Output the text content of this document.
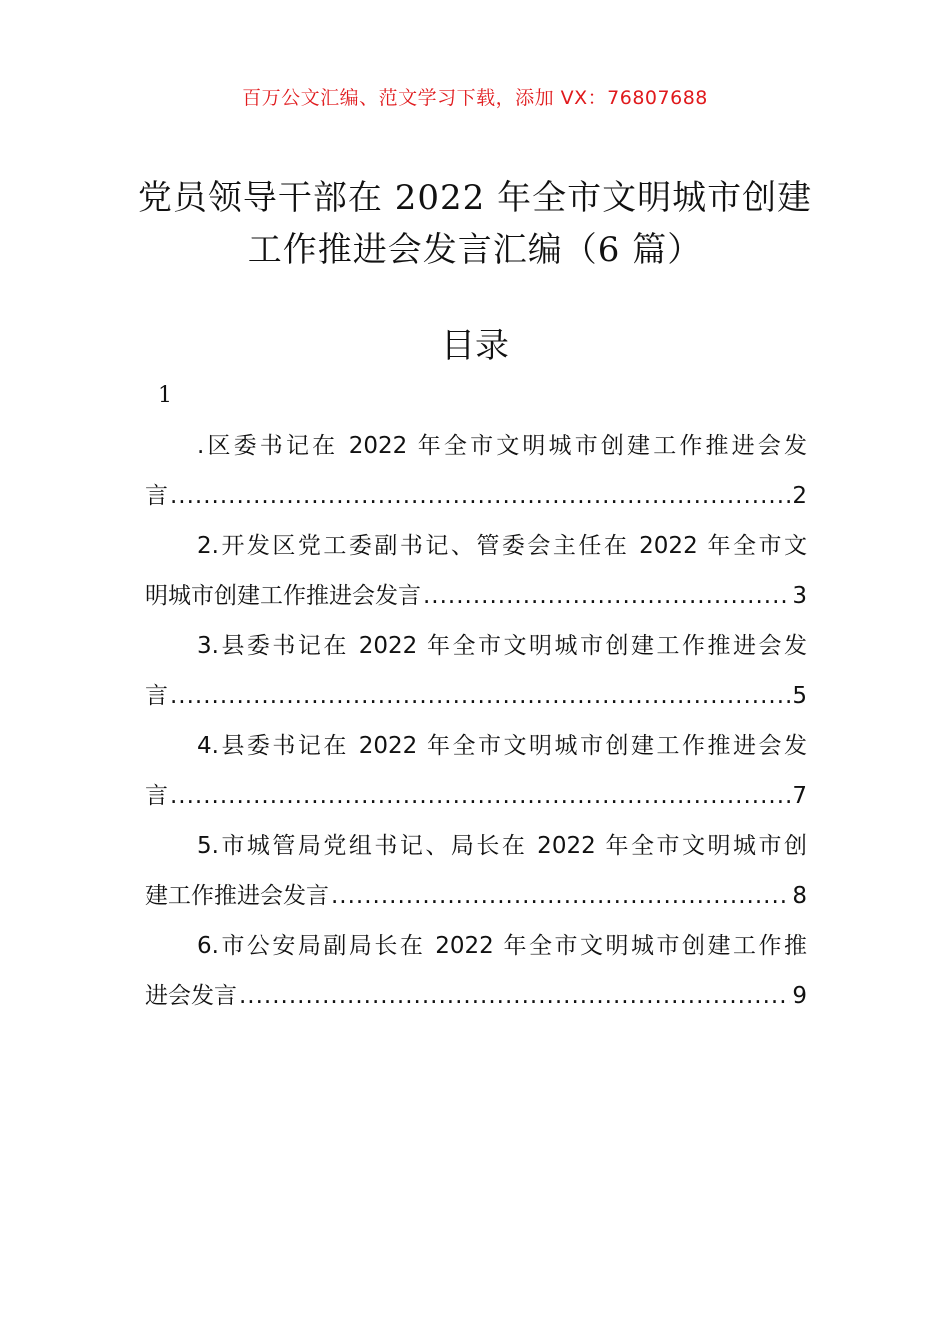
百万公文汇编、范文学习下载，添加 VX：76807688
党员领导干部在 2022 年全市文明城市创建
工作推进会发言汇编（6 篇）
目录
1
.区委书记在 2022 年全市文明城市创建工作推进会发
言 .....	2
2.开发区党工委副书记、管委会主任在 2022 年全市文
明城市创建工作推进会发言 .....	3
3.县委书记在 2022 年全市文明城市创建工作推进会发
言 .....	5
4.县委书记在 2022 年全市文明城市创建工作推进会发
言 .....	7
5.市城管局党组书记、局长在 2022 年全市文明城市创
建工作推进会发言 .....	8
6.市公安局副局长在 2022 年全市文明城市创建工作推
进会发言 .....	9
